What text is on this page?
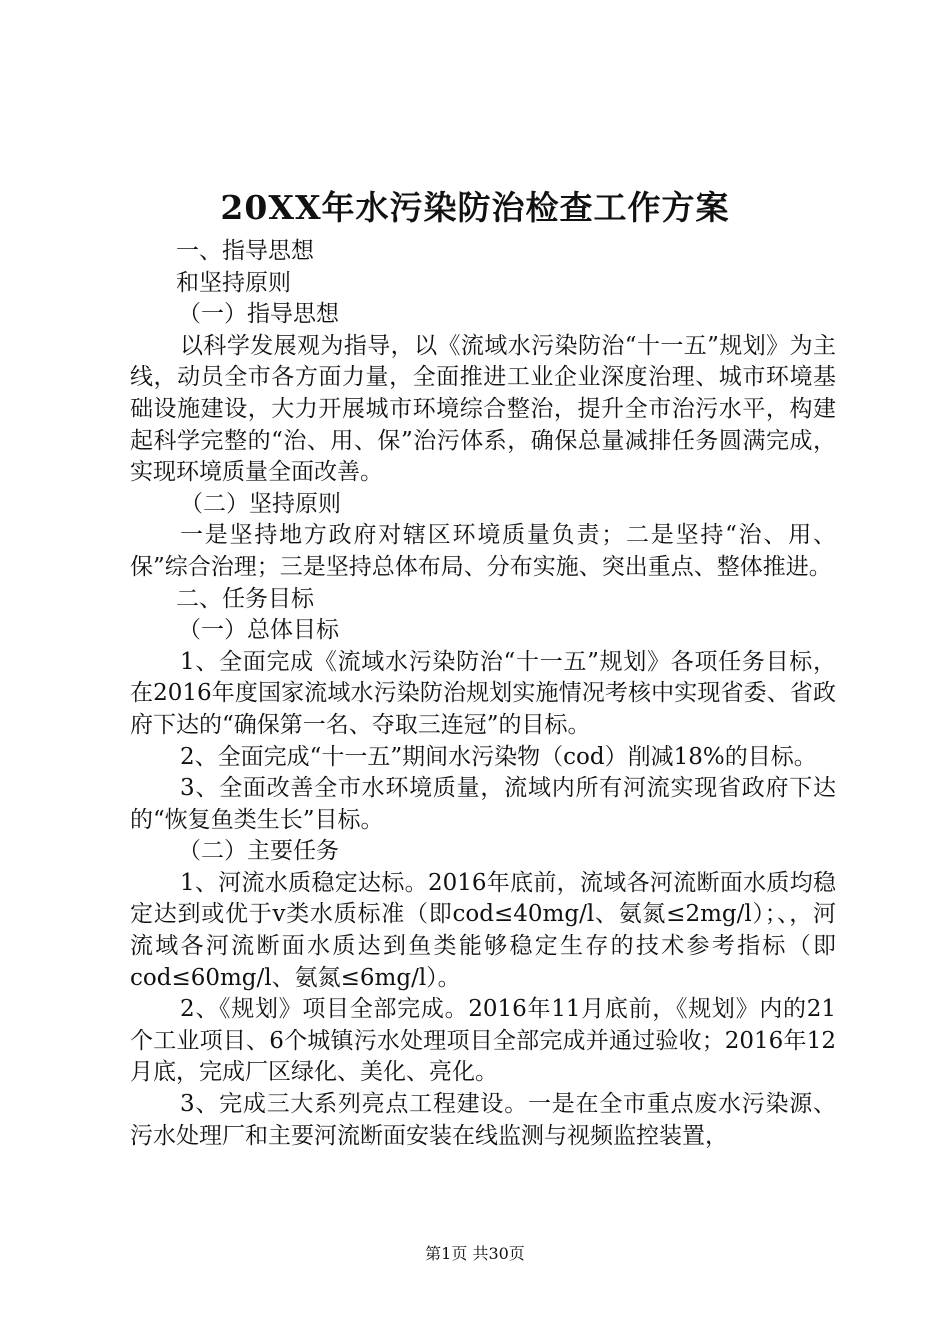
20XX年水污染防治检查工作方案

一、指导思想

和坚持原则

（一）指导思想

以科学发展观为指导，以《流域水污染防治“十一五”规划》为主线，动员全市各方面力量，全面推进工业企业深度治理、城市环境基础设施建设，大力开展城市环境综合整治，提升全市治污水平，构建起科学完整的“治、用、保”治污体系，确保总量减排任务圆满完成，实现环境质量全面改善。

（二）坚持原则

一是坚持地方政府对辖区环境质量负责；二是坚持“治、用、保”综合治理；三是坚持总体布局、分布实施、突出重点、整体推进。

二、任务目标

（一）总体目标

1、全面完成《流域水污染防治“十一五”规划》各项任务目标，在2016年度国家流域水污染防治规划实施情况考核中实现省委、省政府下达的“确保第一名、夺取三连冠”的目标。

2、全面完成“十一五”期间水污染物（cod）削减18%的目标。

3、全面改善全市水环境质量，流域内所有河流实现省政府下达的“恢复鱼类生长”目标。

（二）主要任务

1、河流水质稳定达标。2016年底前，流域各河流断面水质均稳定达到或优于v类水质标准（即cod≤40mg/l、氨氮≤2mg/l）；、，河流域各河流断面水质达到鱼类能够稳定生存的技术参考指标（即cod≤60mg/l、氨氮≤6mg/l）。

2、《规划》项目全部完成。2016年11月底前，《规划》内的21个工业项目、6个城镇污水处理项目全部完成并通过验收；2016年12月底，完成厂区绿化、美化、亮化。

3、完成三大系列亮点工程建设。一是在全市重点废水污染源、污水处理厂和主要河流断面安装在线监测与视频监控装置，

第1页 共30页
